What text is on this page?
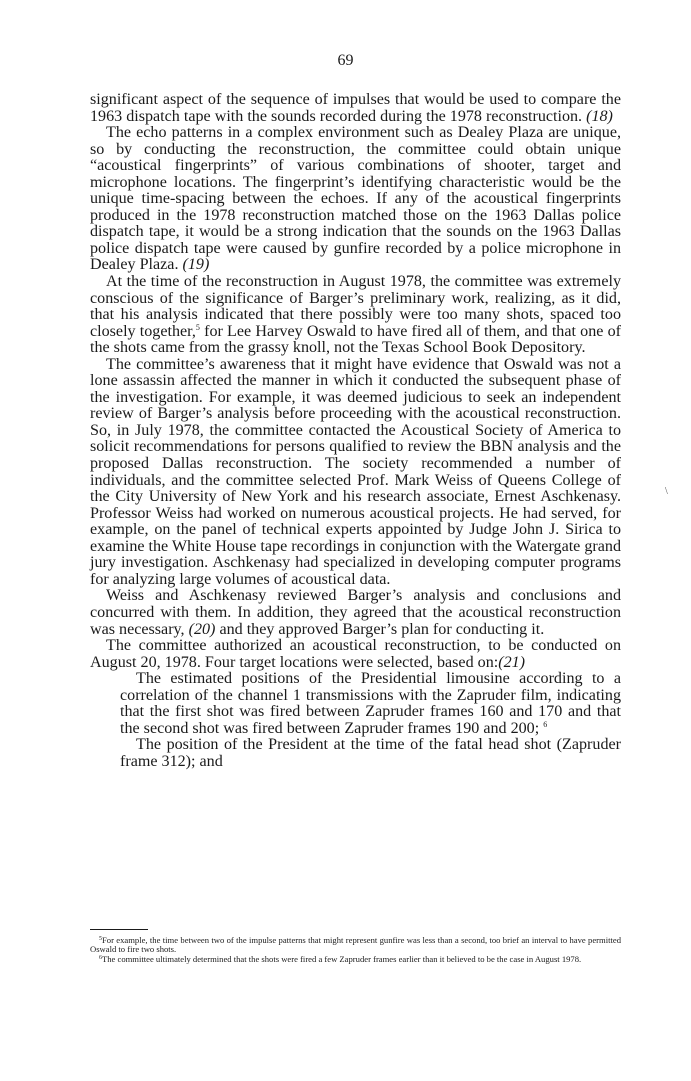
69

significant aspect of the sequence of impulses that would be used to compare the 1963 dispatch tape with the sounds recorded during the 1978 reconstruction. (18)

The echo patterns in a complex environment such as Dealey Plaza are unique, so by conducting the reconstruction, the committee could obtain unique “acoustical fingerprints” of various combinations of shooter, target and microphone locations. The fingerprint’s identifying characteristic would be the unique time-spacing between the echoes. If any of the acoustical fingerprints produced in the 1978 reconstruction matched those on the 1963 Dallas police dispatch tape, it would be a strong indication that the sounds on the 1963 Dallas police dispatch tape were caused by gunfire recorded by a police microphone in Dealey Plaza. (19)

At the time of the reconstruction in August 1978, the committee was extremely conscious of the significance of Barger’s preliminary work, realizing, as it did, that his analysis indicated that there possibly were too many shots, spaced too closely together,$^5$ for Lee Harvey Oswald to have fired all of them, and that one of the shots came from the grassy knoll, not the Texas School Book Depository.

The committee’s awareness that it might have evidence that Oswald was not a lone assassin affected the manner in which it conducted the subsequent phase of the investigation. For example, it was deemed judicious to seek an independent review of Barger’s analysis before proceeding with the acoustical reconstruction. So, in July 1978, the committee contacted the Acoustical Society of America to solicit recommendations for persons qualified to review the BBN analysis and the proposed Dallas reconstruction. The society recommended a number of individuals, and the committee selected Prof. Mark Weiss of Queens College of the City University of New York and his research associate, Ernest Aschkenasy. Professor Weiss had worked on numerous acoustical projects. He had served, for example, on the panel of technical experts appointed by Judge John J. Sirica to examine the White House tape recordings in conjunction with the Watergate grand jury investigation. Aschkenasy had specialized in developing computer programs for analyzing large volumes of acoustical data.

Weiss and Aschkenasy reviewed Barger’s analysis and conclusions and concurred with them. In addition, they agreed that the acoustical reconstruction was necessary, (20) and they approved Barger’s plan for conducting it.

The committee authorized an acoustical reconstruction, to be conducted on August 20, 1978. Four target locations were selected, based on:(21)

The estimated positions of the Presidential limousine according to a correlation of the channel 1 transmissions with the Zapruder film, indicating that the first shot was fired between Zapruder frames 160 and 170 and that the second shot was fired between Zapruder frames 190 and 200; $^6$

The position of the President at the time of the fatal head shot (Zapruder frame 312); and

\

$^5$For example, the time between two of the impulse patterns that might represent gunfire was less than a second, too brief an interval to have permitted Oswald to fire two shots.

$^6$The committee ultimately determined that the shots were fired a few Zapruder frames earlier than it believed to be the case in August 1978.
